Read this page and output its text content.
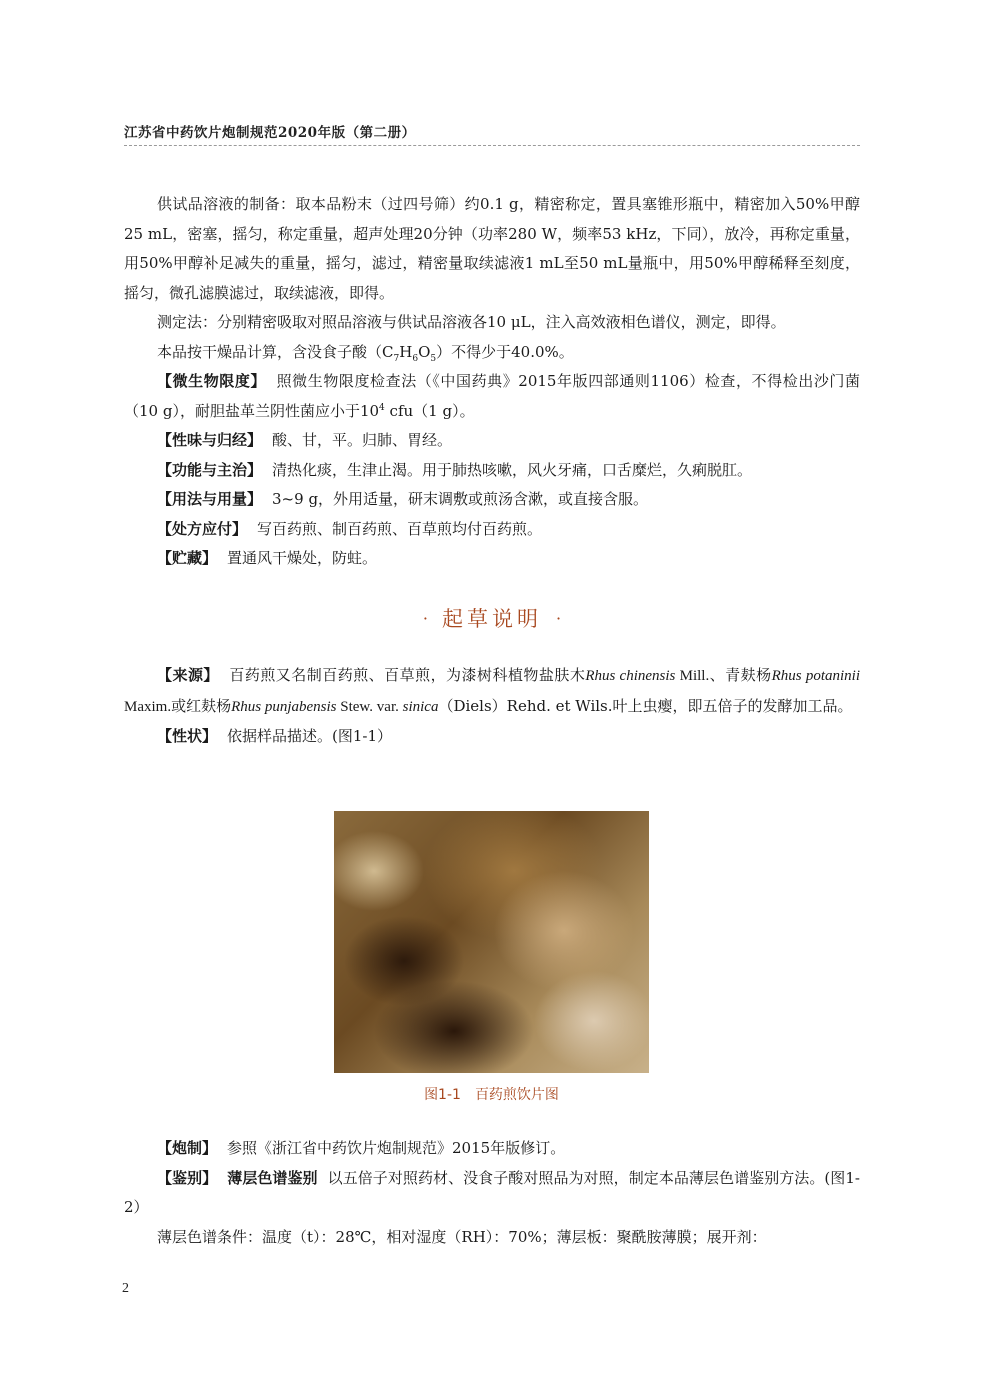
江苏省中药饮片炮制规范2020年版（第二册）

供试品溶液的制备：取本品粉末（过四号筛）约0.1 g，精密称定，置具塞锥形瓶中，精密加入50%甲醇25 mL，密塞，摇匀，称定重量，超声处理20分钟（功率280 W，频率53 kHz，下同），放冷，再称定重量，用50%甲醇补足减失的重量，摇匀，滤过，精密量取续滤液1 mL至50 mL量瓶中，用50%甲醇稀释至刻度，摇匀，微孔滤膜滤过，取续滤液，即得。

测定法：分别精密吸取对照品溶液与供试品溶液各10 μL，注入高效液相色谱仪，测定，即得。

本品按干燥品计算，含没食子酸$(C_7H_6O_5)$不得少于40.0%。

【微生物限度】 照微生物限度检查法（《中国药典》2015年版四部通则1106）检查，不得检出沙门菌（10 g），耐胆盐革兰阴性菌应小于$10^4$ cfu（1 g）。

【性味与归经】 酸、甘，平。归肺、胃经。

【功能与主治】 清热化痰，生津止渴。用于肺热咳嗽，风火牙痛，口舌糜烂，久痢脱肛。

【用法与用量】 3~9 g，外用适量，研末调敷或煎汤含漱，或直接含服。

【处方应付】 写百药煎、制百药煎、百草煎均付百药煎。

【贮藏】 置通风干燥处，防蛀。

· 起草说明 ·

【来源】 百药煎又名制百药煎、百草煎，为漆树科植物盐肤木Rhus chinensis Mill.、青麸杨Rhus potaninii Maxim.或红麸杨Rhus punjabensis Stew. var. sinica（Diels）Rehd. et Wils.叶上虫瘿，即五倍子的发酵加工品。

【性状】 依据样品描述。(图1-1）

图1-1 百药煎饮片图

【炮制】 参照《浙江省中药饮片炮制规范》2015年版修订。

【鉴别】 薄层色谱鉴别 以五倍子对照药材、没食子酸对照品为对照，制定本品薄层色谱鉴别方法。(图1-2）

薄层色谱条件：温度（t）：28℃，相对湿度（RH）：70%；薄层板：聚酰胺薄膜；展开剂：

2
